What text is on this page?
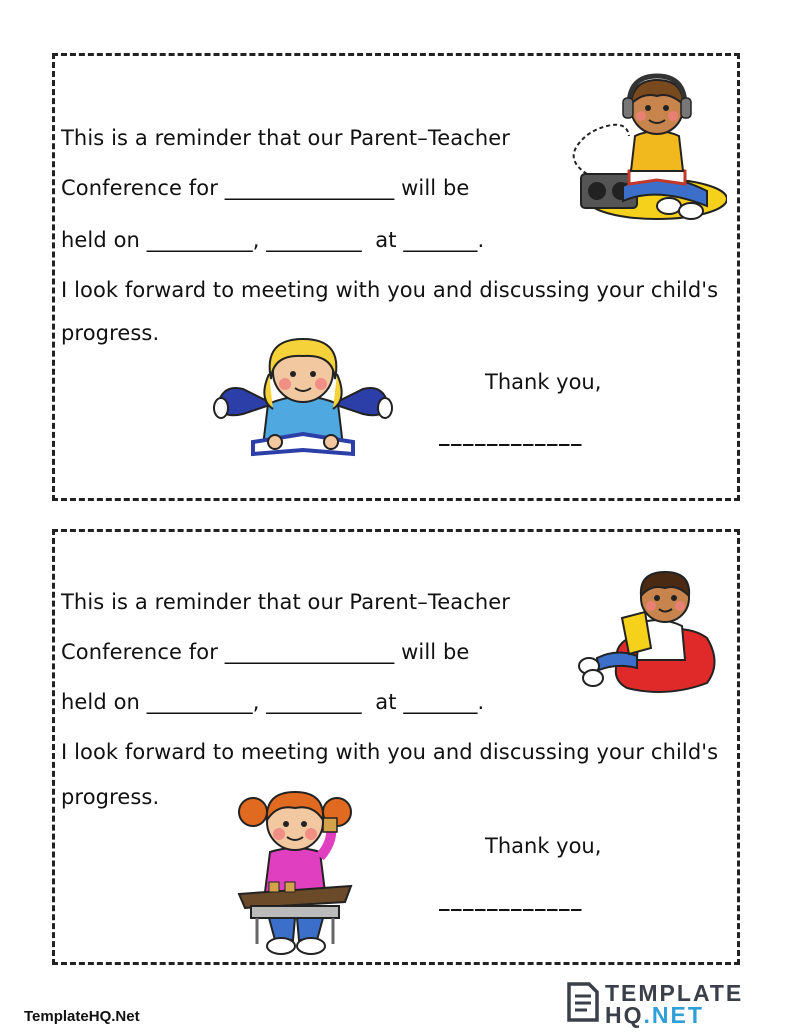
This is a reminder that our Parent–Teacher
Conference for ________________ will be
held on __________, _________  at _______.
I look forward to meeting with you and discussing your child's
progress.
Thank you,
____________
This is a reminder that our Parent–Teacher
Conference for ________________ will be
held on __________, _________  at _______.
I look forward to meeting with you and discussing your child's
progress.
Thank you,
____________
TemplateHQ.Net
TEMPLATE
HQ.NET
